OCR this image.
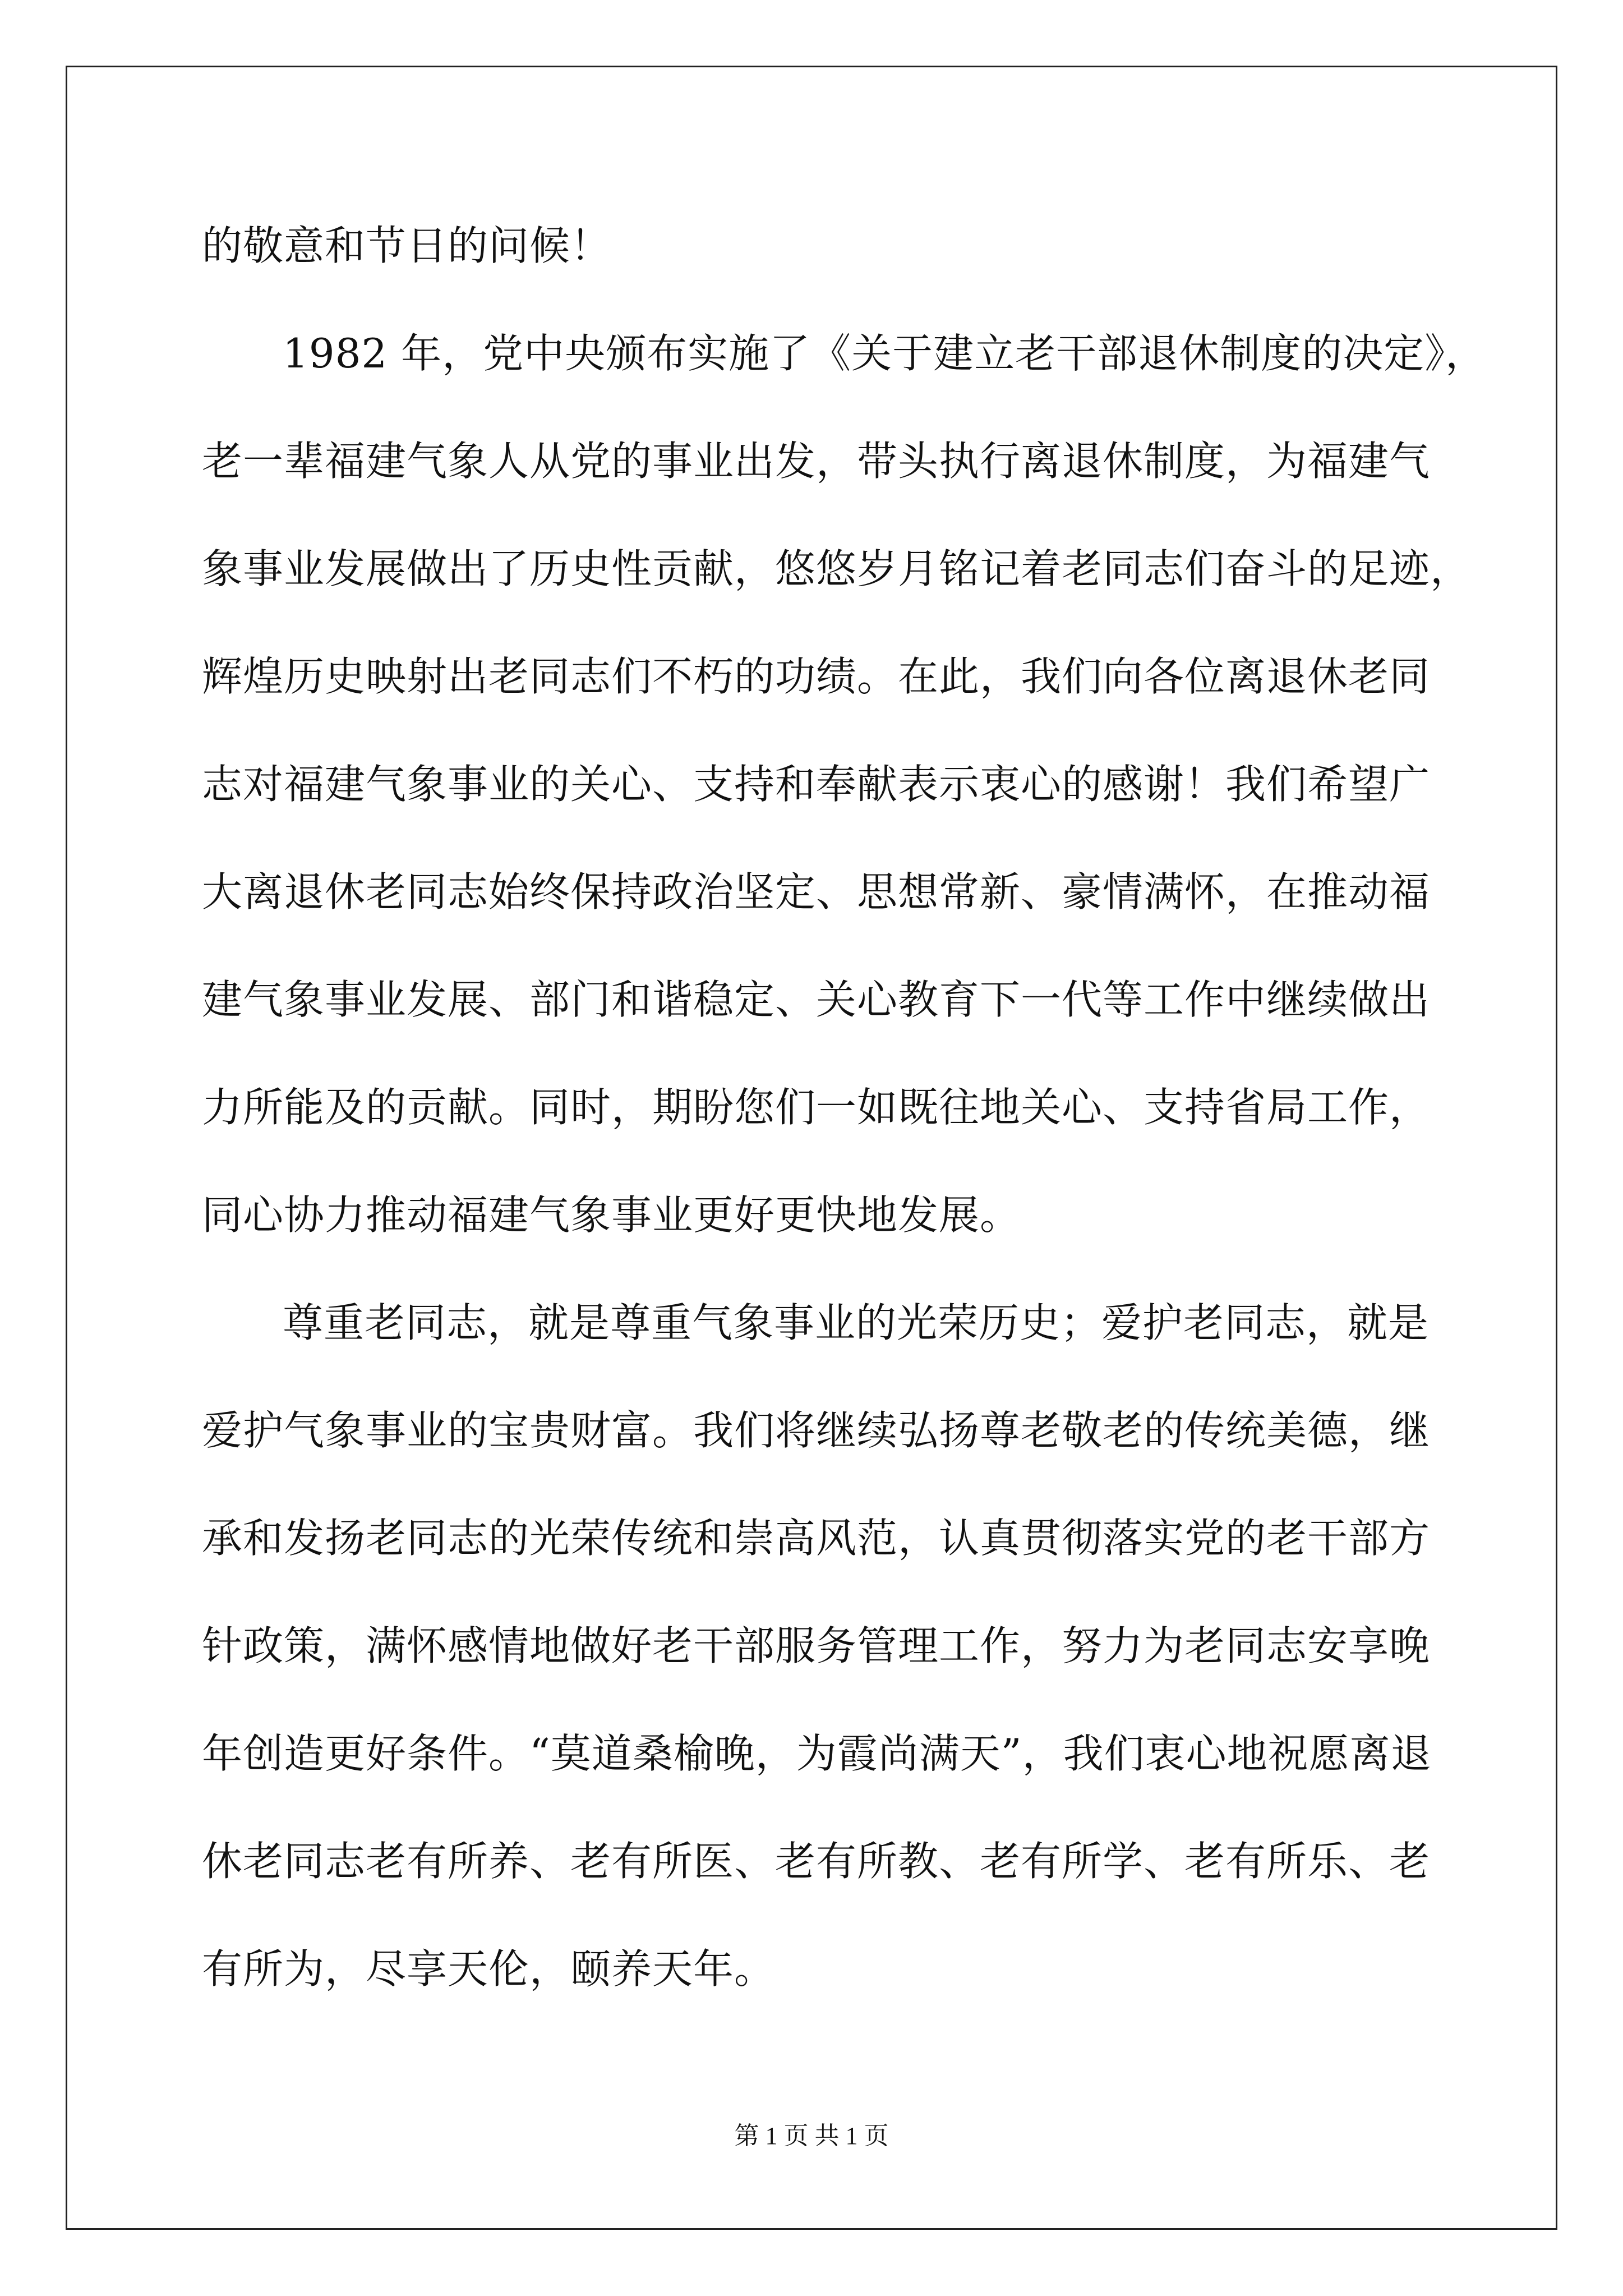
的敬意和节日的问候！
1982 年，党中央颁布实施了《关于建立老干部退休制度的决定》，
老一辈福建气象人从党的事业出发，带头执行离退休制度，为福建气
象事业发展做出了历史性贡献，悠悠岁月铭记着老同志们奋斗的足迹，
辉煌历史映射出老同志们不朽的功绩。在此，我们向各位离退休老同
志对福建气象事业的关心、支持和奉献表示衷心的感谢！我们希望广
大离退休老同志始终保持政治坚定、思想常新、豪情满怀，在推动福
建气象事业发展、部门和谐稳定、关心教育下一代等工作中继续做出
力所能及的贡献。同时，期盼您们一如既往地关心、支持省局工作，
同心协力推动福建气象事业更好更快地发展。
尊重老同志，就是尊重气象事业的光荣历史；爱护老同志，就是
爱护气象事业的宝贵财富。我们将继续弘扬尊老敬老的传统美德，继
承和发扬老同志的光荣传统和崇高风范，认真贯彻落实党的老干部方
针政策，满怀感情地做好老干部服务管理工作，努力为老同志安享晚
年创造更好条件。“莫道桑榆晚，为霞尚满天”，我们衷心地祝愿离退
休老同志老有所养、老有所医、老有所教、老有所学、老有所乐、老
有所为，尽享天伦，颐养天年。
第 1 页 共 1 页
